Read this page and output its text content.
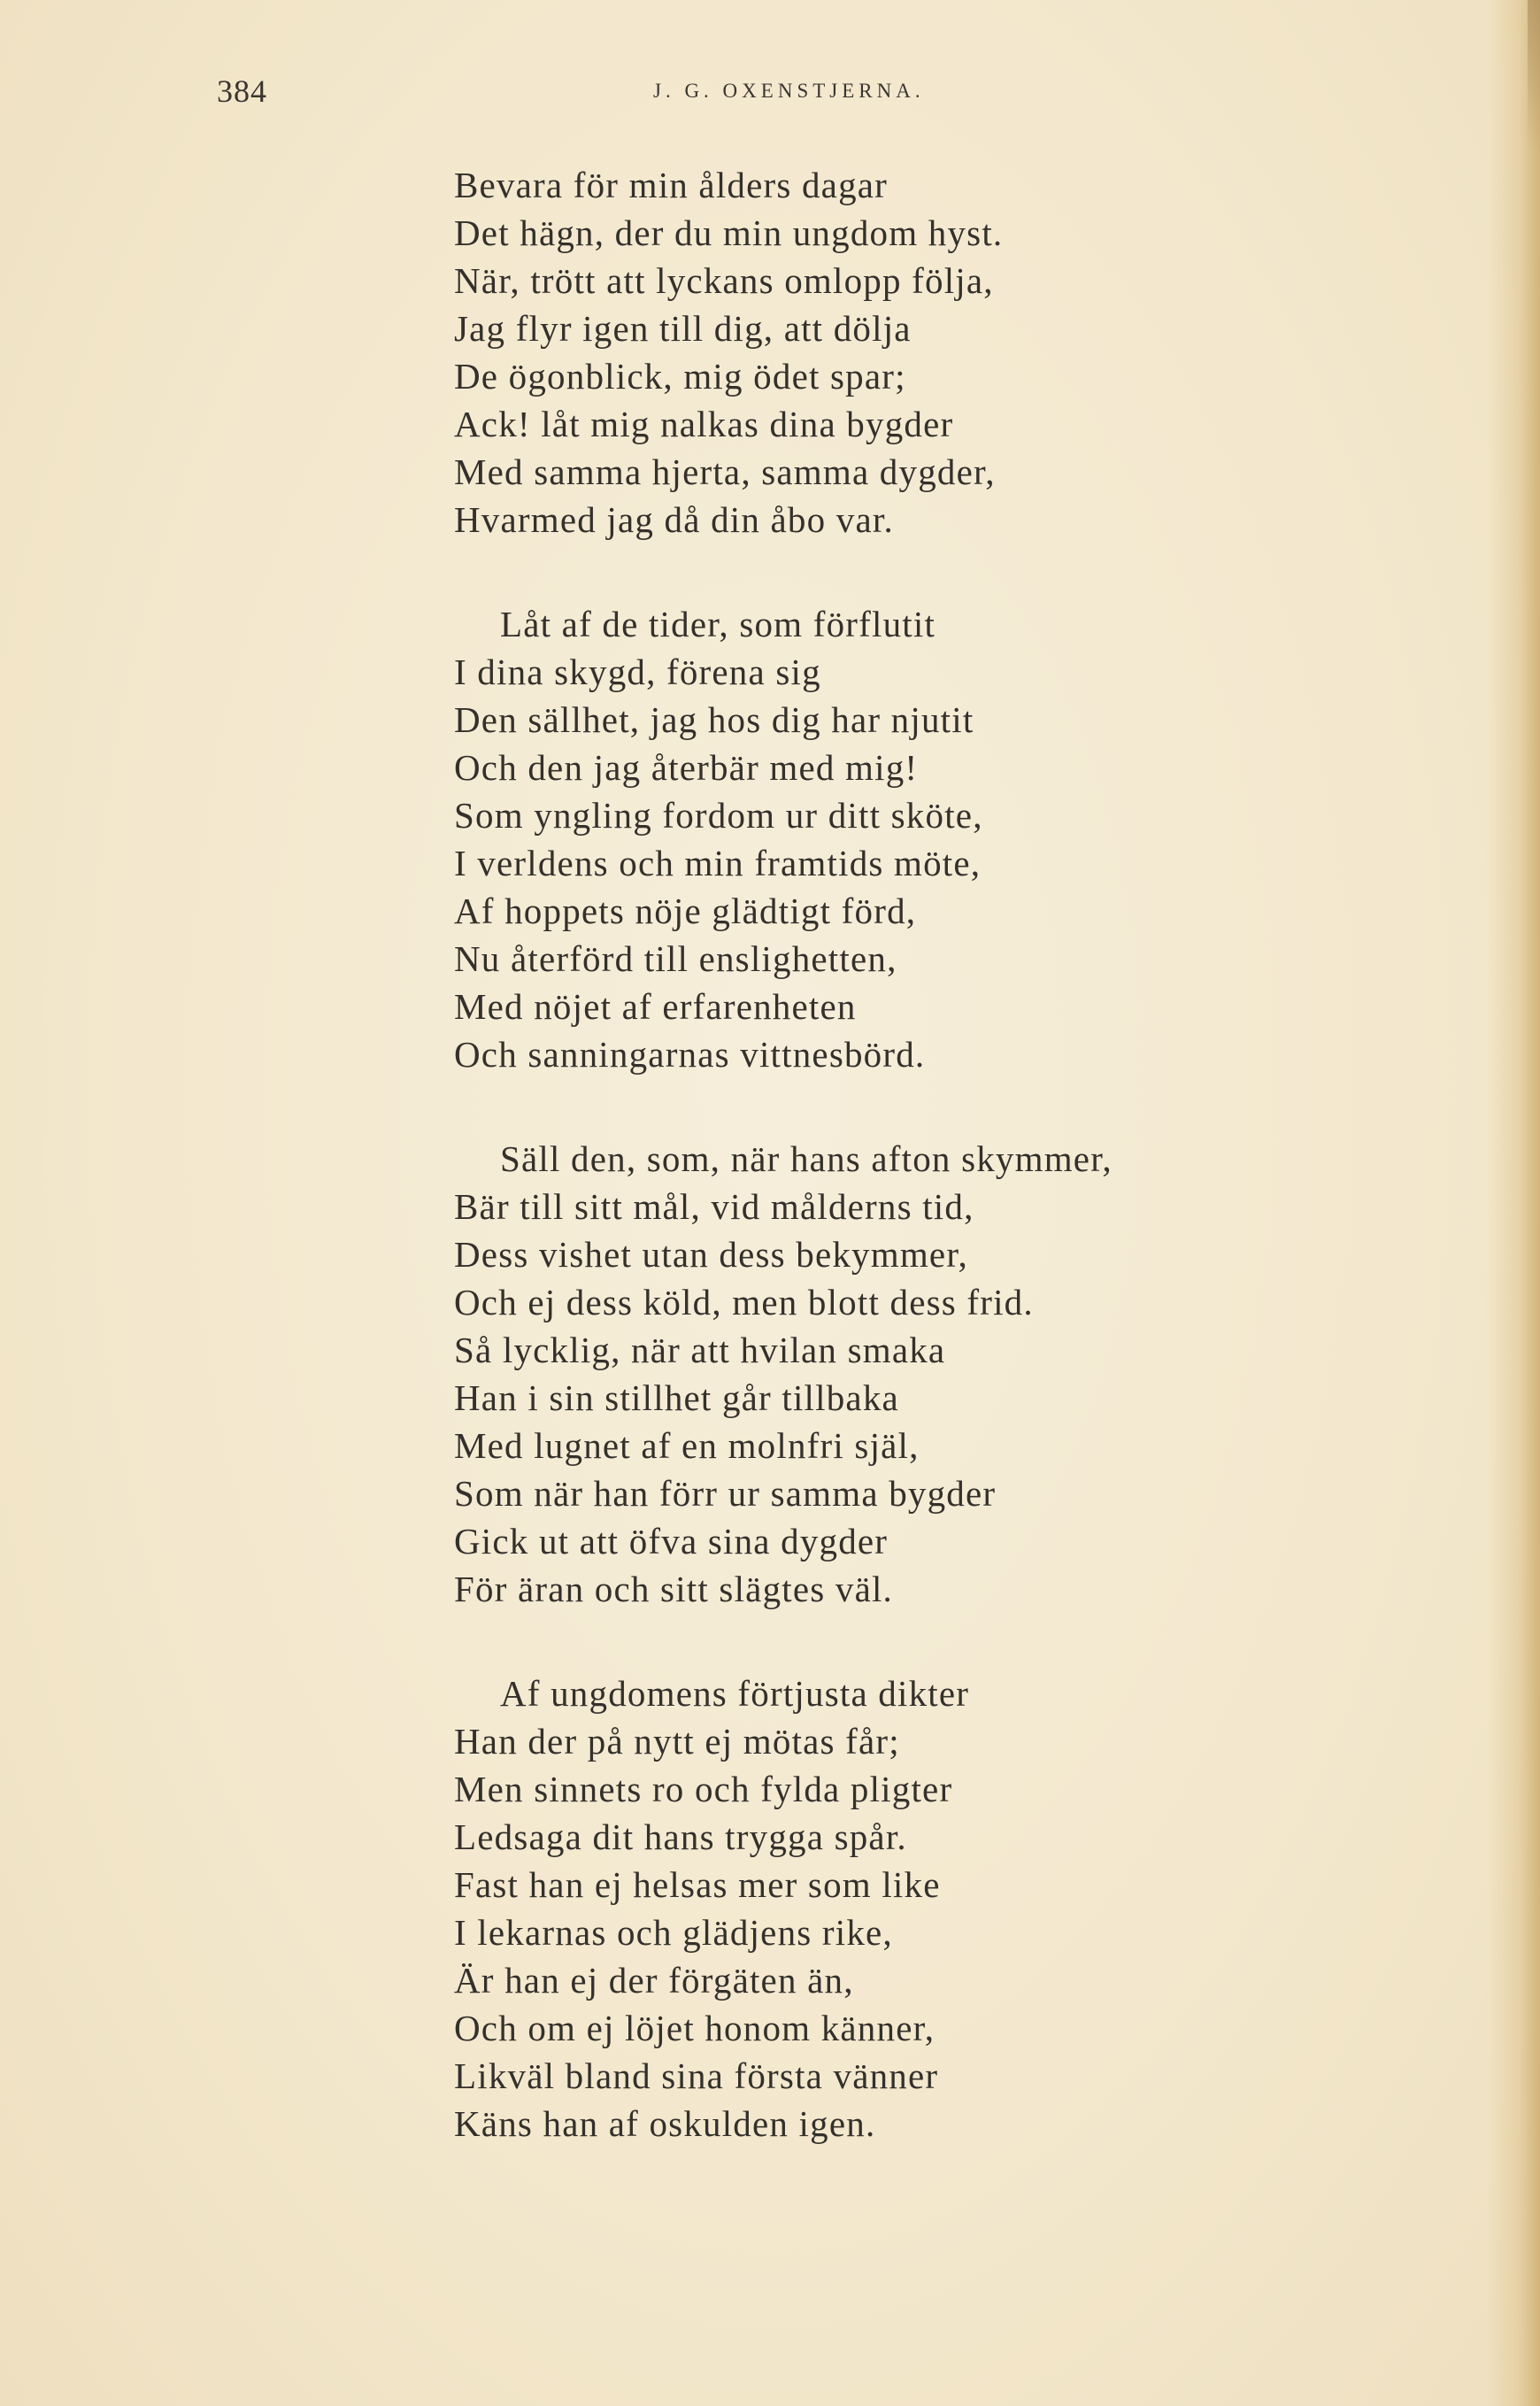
384	J. G. OXENSTJERNA.
Bevara för min ålders dagar
Det hägn, der du min ungdom hyst.
När, trött att lyckans omlopp följa,
Jag flyr igen till dig, att dölja
De ögonblick, mig ödet spar;
Ack! låt mig nalkas dina bygder
Med samma hjerta, samma dygder,
Hvarmed jag då din åbo var.
Låt af de tider, som förflutit
I dina skygd, förena sig
Den sällhet, jag hos dig har njutit
Och den jag återbär med mig!
Som yngling fordom ur ditt sköte,
I verldens och min framtids möte,
Af hoppets nöje glädtigt förd,
Nu återförd till enslighetten,
Med nöjet af erfarenheten
Och sanningarnas vittnesbörd.
Säll den, som, när hans afton skymmer,
Bär till sitt mål, vid målderns tid,
Dess vishet utan dess bekymmer,
Och ej dess köld, men blott dess frid.
Så lycklig, när att hvilan smaka
Han i sin stillhet går tillbaka
Med lugnet af en molnfri själ,
Som när han förr ur samma bygder
Gick ut att öfva sina dygder
För äran och sitt slägtes väl.
Af ungdomens förtjusta dikter
Han der på nytt ej mötas får;
Men sinnets ro och fylda pligter
Ledsaga dit hans trygga spår.
Fast han ej helsas mer som like
I lekarnas och glädjens rike,
Är han ej der förgäten än,
Och om ej löjet honom känner,
Likväl bland sina första vänner
Käns han af oskulden igen.
